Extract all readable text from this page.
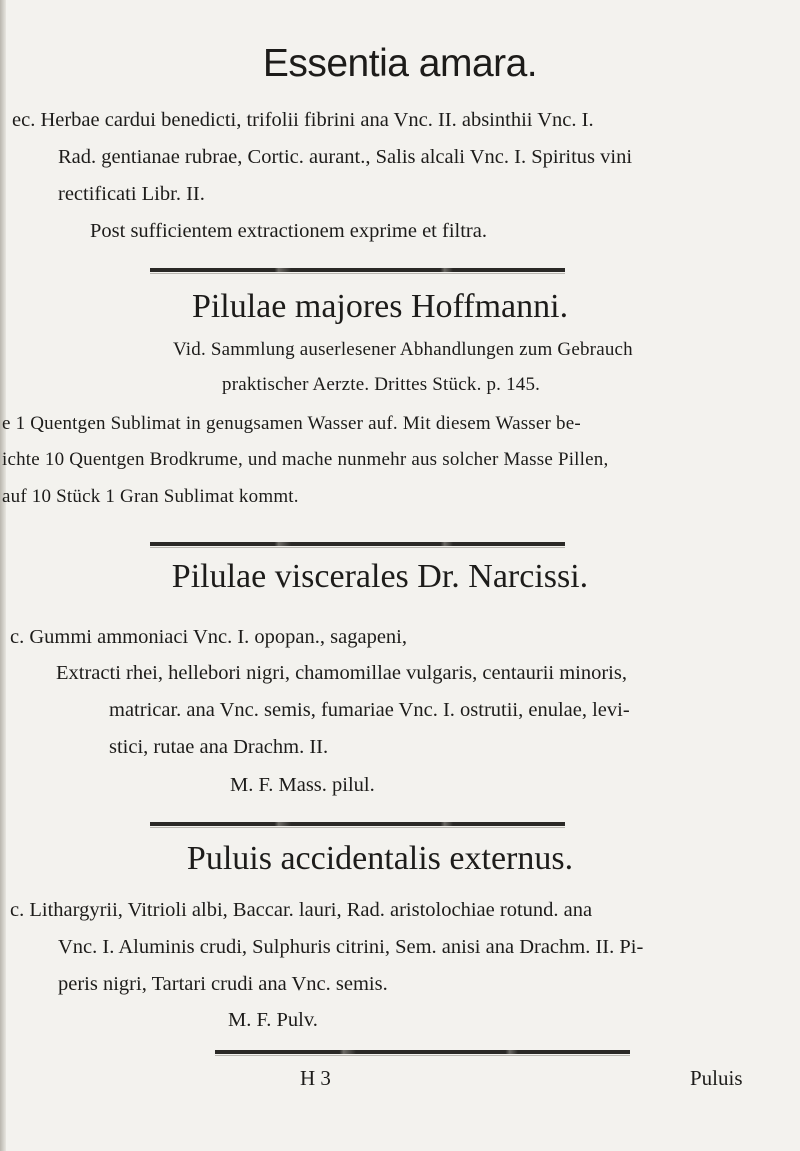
Essentia amara.
ec. Herbae cardui benedicti, trifolii fibrini ana Vnc. II. absinthii Vnc. I.
Rad. gentianae rubrae, Cortic. aurant., Salis alcali Vnc. I. Spiritus vini
rectificati Libr. II.
Post sufficientem extractionem exprime et filtra.
Pilulae majores Hoffmanni.
Vid. Sammlung auserlesener Abhandlungen zum Gebrauch
praktischer Aerzte. Drittes Stück. p. 145.
e 1 Quentgen Sublimat in genugsamen Wasser auf. Mit diesem Wasser be-
ichte 10 Quentgen Brodkrume, und mache nunmehr aus solcher Masse Pillen,
auf 10 Stück 1 Gran Sublimat kommt.
Pilulae viscerales Dr. Narcissi.
c. Gummi ammoniaci Vnc. I. opopan., sagapeni,
Extracti rhei, hellebori nigri, chamomillae vulgaris, centaurii minoris,
matricar. ana Vnc. semis, fumariae Vnc. I. ostrutii, enulae, levi-
stici, rutae ana Drachm. II.
M. F. Mass. pilul.
Puluis accidentalis externus.
c. Lithargyrii, Vitrioli albi, Baccar. lauri, Rad. aristolochiae rotund. ana
Vnc. I. Aluminis crudi, Sulphuris citrini, Sem. anisi ana Drachm. II. Pi-
peris nigri, Tartari crudi ana Vnc. semis.
M. F. Pulv.
H 3	Puluis
